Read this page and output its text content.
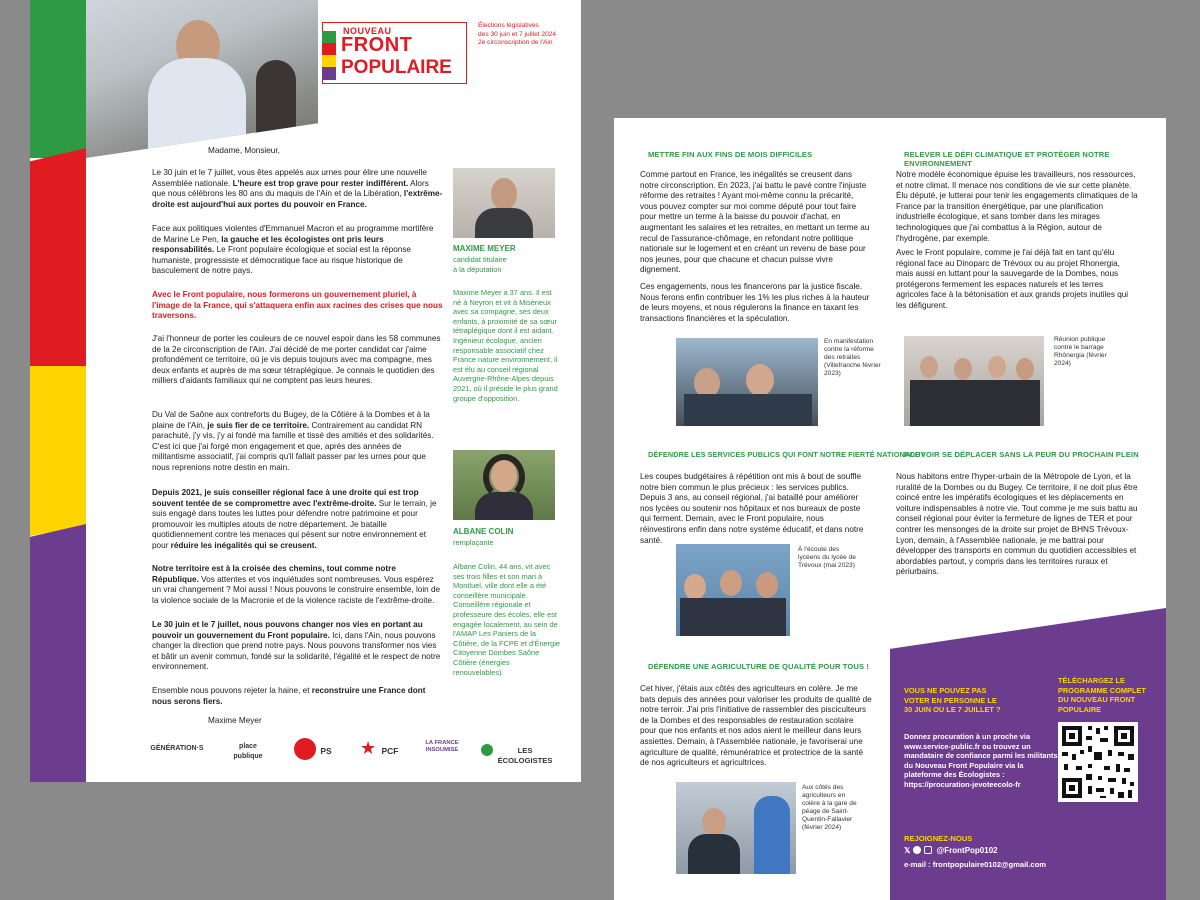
NOUVEAU
FRONT
POPULAIRE
Élections législatives
des 30 juin et 7 juillet 2024
2e circonscription de l'Ain

Madame, Monsieur,

Le 30 juin et le 7 juillet, vous êtes appelés aux urnes pour élire une nouvelle Assemblée nationale. L'heure est trop grave pour rester indifférent. Alors que nous célébrons les 80 ans du maquis de l'Ain et de la Libération, l'extrême-droite est aujourd'hui aux portes du pouvoir en France.

Face aux politiques violentes d'Emmanuel Macron et au programme mortifère de Marine Le Pen, la gauche et les écologistes ont pris leurs responsabilités. Le Front populaire écologique et social est la réponse humaniste, progressiste et démocratique face au risque historique de basculement de notre pays.

Avec le Front populaire, nous formerons un gouvernement pluriel, à l'image de la France, qui s'attaquera enfin aux racines des crises que nous traversons.

J'ai l'honneur de porter les couleurs de ce nouvel espoir dans les 58 communes de la 2e circonscription de l'Ain. J'ai décidé de me porter candidat car j'aime profondément ce territoire, où je vis depuis toujours avec ma compagne, mes deux enfants et auprès de ma sœur tétraplégique. Je connais le quotidien des milliers d'aidants familiaux qui ne comptent pas leurs heures.

Du Val de Saône aux contreforts du Bugey, de la Côtière à la Dombes et à la plaine de l'Ain, je suis fier de ce territoire. Contrairement au candidat RN parachuté, j'y vis, j'y ai fondé ma famille et tissé des amitiés et des solidarités. C'est ici que j'ai forgé mon engagement et que, après des années de militantisme associatif, j'ai compris qu'il fallait passer par les urnes pour que nous reprenions notre destin en main.

Depuis 2021, je suis conseiller régional face à une droite qui est trop souvent tentée de se compromettre avec l'extrême-droite. Sur le terrain, je suis engagé dans toutes les luttes pour défendre notre patrimoine et pour promouvoir les multiples atouts de notre département. Je bataille quotidiennement contre les menaces qui pèsent sur notre environnement et pour réduire les inégalités qui se creusent.

Notre territoire est à la croisée des chemins, tout comme notre République. Vos attentes et vos inquiétudes sont nombreuses. Vous espérez un vrai changement ? Moi aussi ! Nous pouvons le construire ensemble, loin de la violence sociale de la Macronie et de la violence raciste de l'extrême-droite.

Le 30 juin et le 7 juillet, nous pouvons changer nos vies en portant au pouvoir un gouvernement du Front populaire. Ici, dans l'Ain, nous pouvons changer la direction que prend notre pays. Nous pouvons transformer nos vies et bâtir un avenir commun, fondé sur la solidarité, l'égalité et le respect de notre environnement.

Ensemble nous pouvons rejeter la haine, et reconstruire une France dont nous serons fiers.

Maxime Meyer

MAXIME MEYER
candidat titulaire
à la députation

Maxime Meyer a 37 ans. Il est né à Neyron et vit à Misérieux avec sa compagne, ses deux enfants, à proximité de sa sœur tétraplégique dont il est aidant. Ingénieur écologue, ancien responsable associatif chez France nature environnement, il est élu au conseil régional Auvergne-Rhône-Alpes depuis 2021, où il préside le plus grand groupe d'opposition.

ALBANE COLIN
remplaçante

Albane Colin, 44 ans, vit avec ses trois filles et son mari à Montluel, ville dont elle a été conseillère municipale. Conseillère régionale et professeure des écoles, elle est engagée localement, au sein de l'AMAP Les Paniers de la Côtière, de la FCPE et d'Énergie Citoyenne Dombes Saône Côtière (énergies renouvelables).

GÉNÉRATION·S	place publique
PS	★ PCF
LA FRANCE INSOUMISE	LES ÉCOLOGISTES
METTRE FIN AUX FINS DE MOIS DIFFICILES

Comme partout en France, les inégalités se creusent dans notre circonscription. En 2023, j'ai battu le pavé contre l'injuste réforme des retraites ! Ayant moi-même connu la précarité, vous pouvez compter sur moi comme député pour tout faire pour mettre un terme à la baisse du pouvoir d'achat, en augmentant les salaires et les retraites, en mettant un terme au recul de l'assurance-chômage, en refondant notre politique nationale sur le logement et en créant un revenu de base pour nos jeunes, pour que chacune et chacun puisse vivre dignement.

Ces engagements, nous les financerons par la justice fiscale. Nous ferons enfin contribuer les 1% les plus riches à la hauteur de leurs moyens, et nous régulerons la finance en taxant les transactions financières et la spéculation.

En manifestation contre la réforme des retraites (Villefranche février 2023)

RELEVER LE DÉFI CLIMATIQUE ET PROTÉGER NOTRE ENVIRONNEMENT

Notre modèle économique épuise les travailleurs, nos ressources, et notre climat. Il menace nos conditions de vie sur cette planète. Élu député, je lutterai pour tenir les engagements climatiques de la France par la transition énergétique, par une planification industrielle écologique, et sans tomber dans les mirages technologiques que j'ai combattus à la Région, autour de l'hydrogène, par exemple.

Avec le Front populaire, comme je l'ai déjà fait en tant qu'élu régional face au Dinoparc de Trévoux ou au projet Rhonergia, mais aussi en luttant pour la sauvegarde de la Dombes, nous protégerons fermement les espaces naturels et les terres agricoles face à la bétonisation et aux grands projets inutiles qui les défigurent.

Réunion publique contre le barrage Rhônergia (février 2024)

DÉFENDRE LES SERVICES PUBLICS QUI FONT NOTRE FIERTÉ NATIONALE !

Les coupes budgétaires à répétition ont mis à bout de souffle notre bien commun le plus précieux : les services publics. Depuis 3 ans, au conseil régional, j'ai bataillé pour améliorer nos lycées ou soutenir nos hôpitaux et nos bureaux de poste qui ferment. Demain, avec le Front populaire, nous réinvestirons enfin dans notre système éducatif, et dans notre santé.

À l'écoute des lycéens du lycée de Trévoux (mai 2023)

POUVOIR SE DÉPLACER SANS LA PEUR DU PROCHAIN PLEIN

Nous habitons entre l'hyper-urbain de la Métropole de Lyon, et la ruralité de la Dombes ou du Bugey. Ce territoire, il ne doit plus être coincé entre les impératifs écologiques et les déplacements en voiture indispensables à notre vie. Tout comme je me suis battu au conseil régional pour éviter la fermeture de lignes de TER et pour contrer les mensonges de la droite sur projet de BHNS Trévoux-Lyon, demain, à l'Assemblée nationale, je me battrai pour développer des transports en commun du quotidien accessibles et abordables partout, y compris dans les territoires ruraux et périurbains.

DÉFENDRE UNE AGRICULTURE DE QUALITÉ POUR TOUS !

Cet hiver, j'étais aux côtés des agriculteurs en colère. Je me bats depuis des années pour valoriser les produits de qualité de notre terroir. J'ai pris l'initiative de rassembler des pisciculteurs de la Dombes et des responsables de restauration scolaire pour que nos enfants et nos ados aient le meilleur dans leurs assiettes. Demain, à l'Assemblée nationale, je favoriserai une agriculture de qualité, rémunératrice et protectrice de la santé de nos agriculteurs et agricultrices.

Aux côtés des agriculteurs en colère à la gare de péage de Saint-Quentin-Fallavier (février 2024)

VOUS NE POUVEZ PAS VOTER EN PERSONNE LE 30 JUIN OU LE 7 JUILLET ?

Donnez procuration à un proche via www.service-public.fr ou trouvez un mandataire de confiance parmi les militants du Nouveau Front Populaire via la plateforme des Écologistes : https://procuration-jevoteecolo-fr

TÉLÉCHARGEZ LE PROGRAMME COMPLET DU NOUVEAU FRONT POPULAIRE
REJOIGNEZ-NOUS
𝕏	@FrontPop0102
e-mail : frontpopulaire0102@gmail.com
